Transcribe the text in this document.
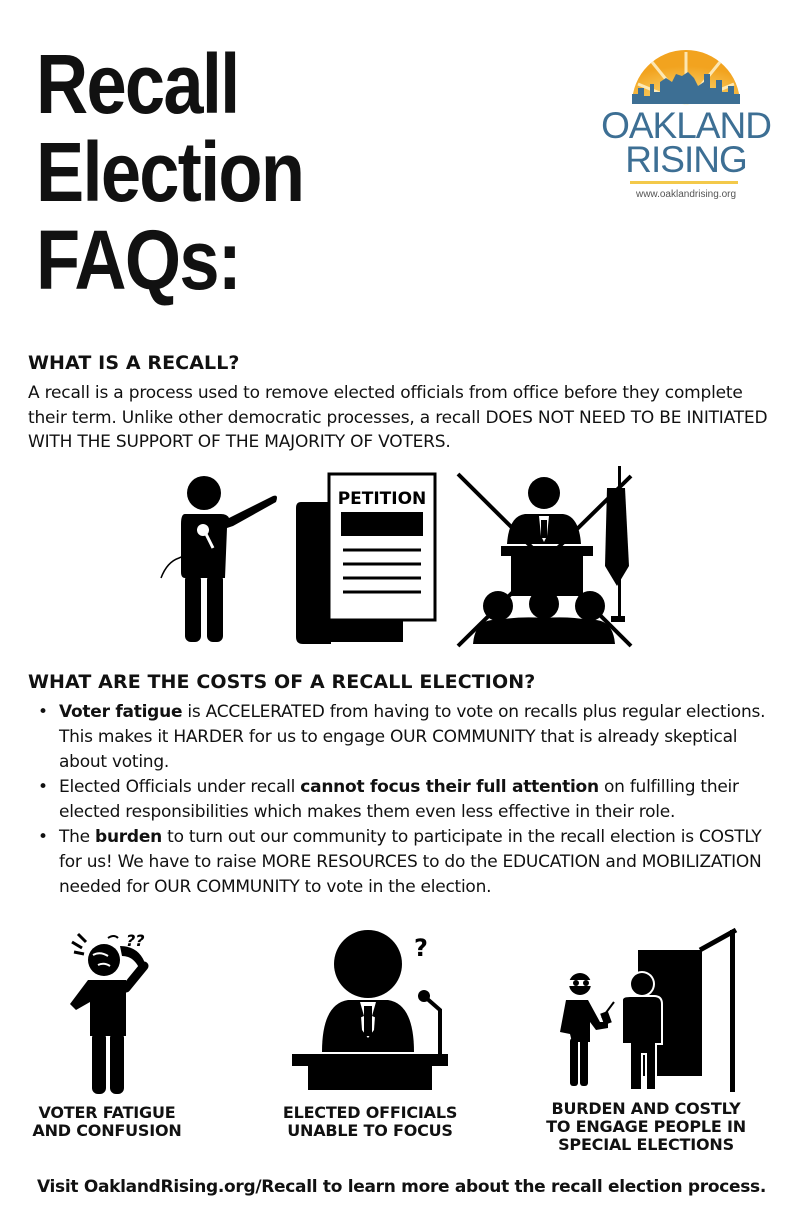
Recall
Election
FAQs:
OAKLAND
RISING
www.oaklandrising.org
WHAT IS A RECALL?
A recall is a process used to remove elected officials from office before they complete their term. Unlike other democratic processes, a recall DOES NOT NEED TO BE INITIATED WITH THE SUPPORT OF THE MAJORITY OF VOTERS.
PETITION
WHAT ARE THE COSTS OF A RECALL ELECTION?
• Voter fatigue is ACCELERATED from having to vote on recalls plus regular elections. This makes it HARDER for us to engage OUR COMMUNITY that is already skeptical about voting.
• Elected Officials under recall cannot focus their full attention on fulfilling their elected responsibilities which makes them even less effective in their role.
• The burden to turn out our community to participate in the recall election is COSTLY for us! We have to raise MORE RESOURCES to do the EDUCATION and MOBILIZATION needed for OUR COMMUNITY to vote in the election.
??	?
VOTER FATIGUE
AND CONFUSION
ELECTED OFFICIALS
UNABLE TO FOCUS
BURDEN AND COSTLY
TO ENGAGE PEOPLE IN
SPECIAL ELECTIONS
Visit OaklandRising.org/Recall to learn more about the recall election process.
